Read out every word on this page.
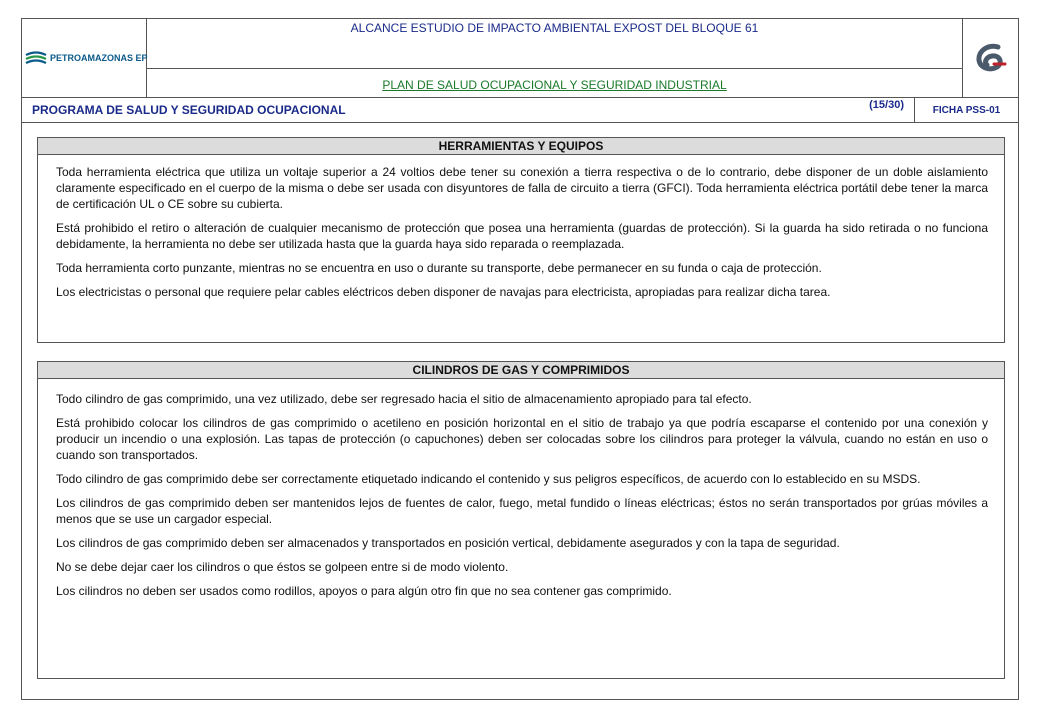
PETROAMAZONAS EP
ALCANCE ESTUDIO DE IMPACTO AMBIENTAL EXPOST DEL BLOQUE 61
PLAN DE SALUD OCUPACIONAL Y SEGURIDAD INDUSTRIAL
PROGRAMA DE SALUD Y SEGURIDAD OCUPACIONAL	(15/30)	FICHA PSS-01
HERRAMIENTAS Y EQUIPOS

Toda herramienta eléctrica que utiliza un voltaje superior a 24 voltios debe tener su conexión a tierra respectiva o de lo contrario, debe disponer de un doble aislamiento claramente especificado en el cuerpo de la misma o debe ser usada con disyuntores de falla de circuito a tierra (GFCI). Toda herramienta eléctrica portátil debe tener la marca de certificación UL o CE sobre su cubierta.

Está prohibido el retiro o alteración de cualquier mecanismo de protección que posea una herramienta (guardas de protección). Si la guarda ha sido retirada o no funciona debidamente, la herramienta no debe ser utilizada hasta que la guarda haya sido reparada o reemplazada.

Toda herramienta corto punzante, mientras no se encuentra en uso o durante su transporte, debe permanecer en su funda o caja de protección.

Los electricistas o personal que requiere pelar cables eléctricos deben disponer de navajas para electricista, apropiadas para realizar dicha tarea.

CILINDROS DE GAS Y COMPRIMIDOS

Todo cilindro de gas comprimido, una vez utilizado, debe ser regresado hacia el sitio de almacenamiento apropiado para tal efecto.

Está prohibido colocar los cilindros de gas comprimido o acetileno en posición horizontal en el sitio de trabajo ya que podría escaparse el contenido por una conexión y producir un incendio o una explosión. Las tapas de protección (o capuchones) deben ser colocadas sobre los cilindros para proteger la válvula, cuando no están en uso o cuando son transportados.

Todo cilindro de gas comprimido debe ser correctamente etiquetado indicando el contenido y sus peligros específicos, de acuerdo con lo establecido en su MSDS.

Los cilindros de gas comprimido deben ser mantenidos lejos de fuentes de calor, fuego, metal fundido o líneas eléctricas; éstos no serán transportados por grúas móviles a menos que se use un cargador especial.

Los cilindros de gas comprimido deben ser almacenados y transportados en posición vertical, debidamente asegurados y con la tapa de seguridad.

No se debe dejar caer los cilindros o que éstos se golpeen entre si de modo violento.

Los cilindros no deben ser usados como rodillos, apoyos o para algún otro fin que no sea contener gas comprimido.
